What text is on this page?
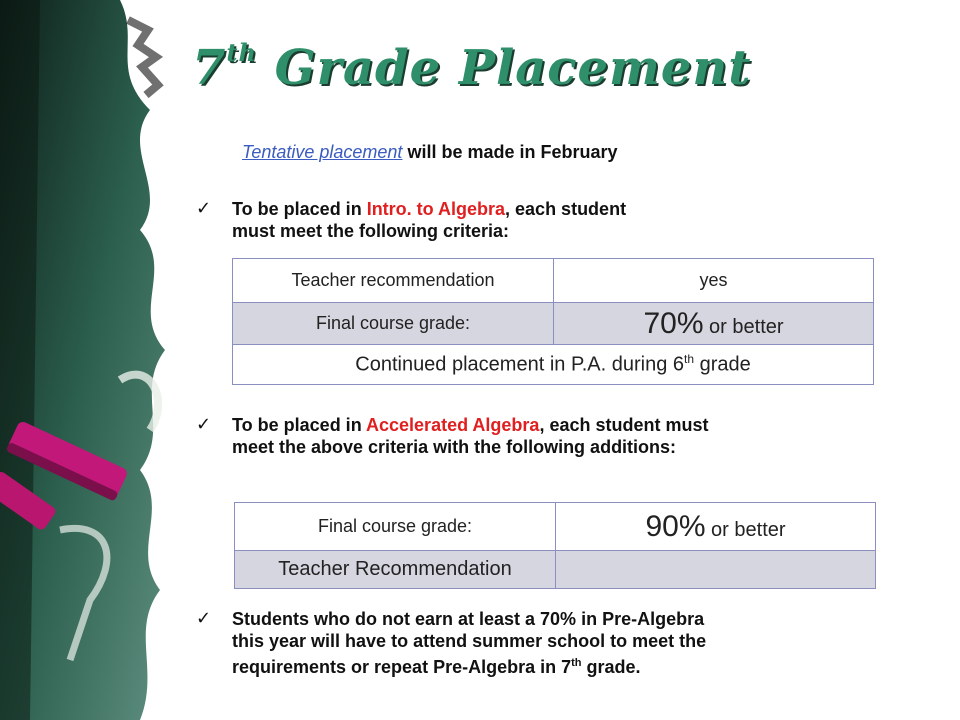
7th Grade Placement
Tentative placement will be made in February
✓ To be placed in Intro. to Algebra, each student
must meet the following criteria:
Teacher recommendation	yes
Final course grade:	70% or better
Continued placement in P.A. during 6th grade	
✓ To be placed in Accelerated Algebra, each student must
meet the above criteria with the following additions:
Final course grade:	90% or better
Teacher Recommendation	
✓ Students who do not earn at least a 70% in Pre-Algebra
this year will have to attend summer school to meet the
requirements or repeat Pre-Algebra in 7th grade.
